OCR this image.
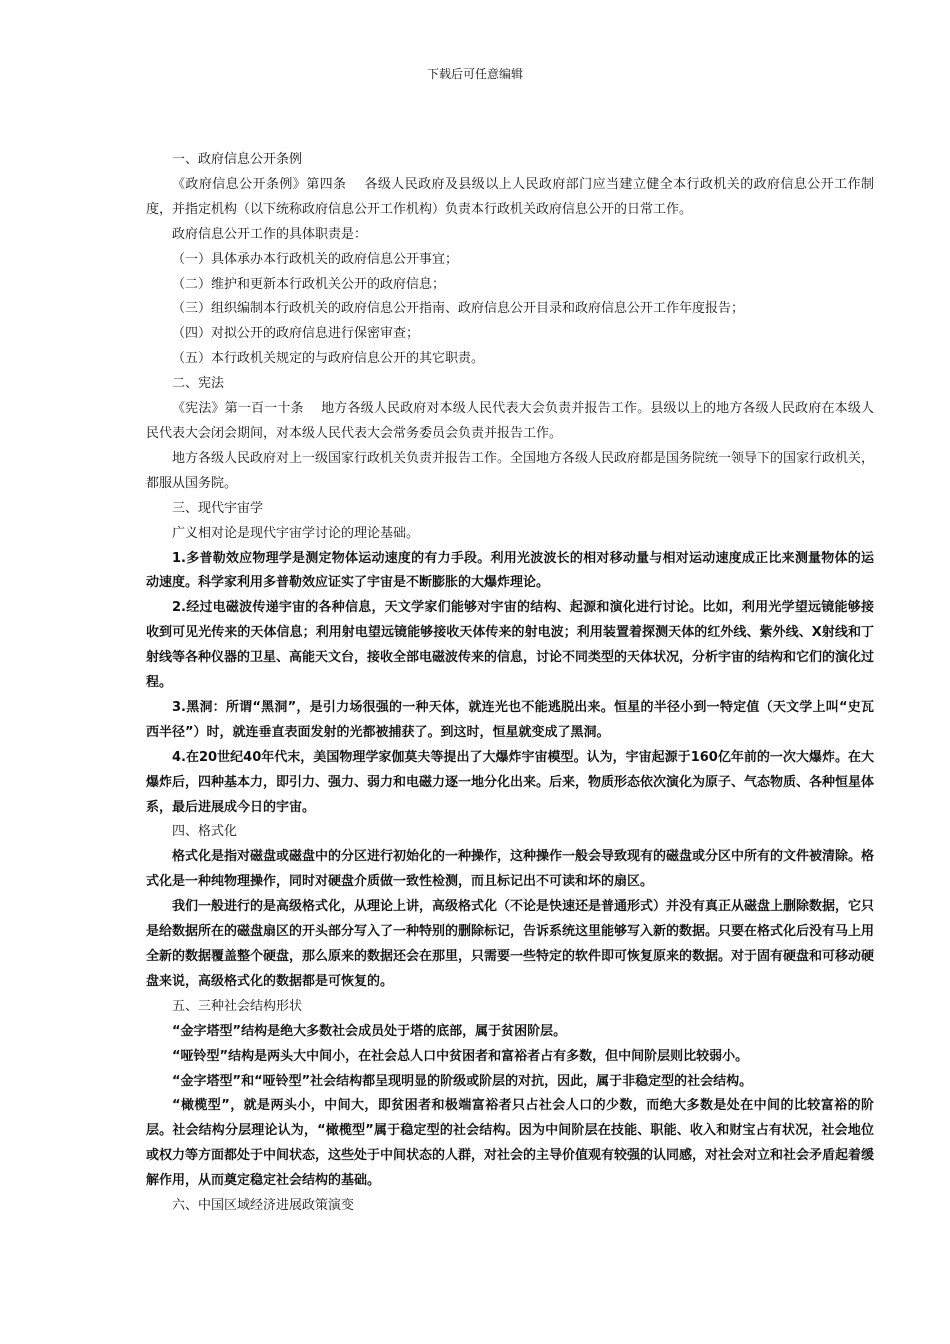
下载后可任意编辑

一、政府信息公开条例

《政府信息公开条例》第四条　 各级人民政府及县级以上人民政府部门应当建立健全本行政机关的政府信息公开工作制度，并指定机构（以下统称政府信息公开工作机构）负责本行政机关政府信息公开的日常工作。

政府信息公开工作的具体职责是：

（一）具体承办本行政机关的政府信息公开事宜；

（二）维护和更新本行政机关公开的政府信息；

（三）组织编制本行政机关的政府信息公开指南、政府信息公开目录和政府信息公开工作年度报告；

（四）对拟公开的政府信息进行保密审查；

（五）本行政机关规定的与政府信息公开的其它职责。

二、宪法

《宪法》第一百一十条　 地方各级人民政府对本级人民代表大会负责并报告工作。县级以上的地方各级人民政府在本级人民代表大会闭会期间，对本级人民代表大会常务委员会负责并报告工作。

地方各级人民政府对上一级国家行政机关负责并报告工作。全国地方各级人民政府都是国务院统一领导下的国家行政机关，都服从国务院。

三、现代宇宙学

广义相对论是现代宇宙学讨论的理论基础。

1.多普勒效应物理学是测定物体运动速度的有力手段。利用光波波长的相对移动量与相对运动速度成正比来测量物体的运动速度。科学家利用多普勒效应证实了宇宙是不断膨胀的大爆炸理论。

2.经过电磁波传递宇宙的各种信息，天文学家们能够对宇宙的结构、起源和演化进行讨论。比如，利用光学望远镜能够接收到可见光传来的天体信息；利用射电望远镜能够接收天体传来的射电波；利用装置着探测天体的红外线、紫外线、X射线和丁射线等各种仪器的卫星、高能天文台，接收全部电磁波传来的信息，讨论不同类型的天体状况，分析宇宙的结构和它们的演化过程。

3.黑洞：所谓“黑洞”，是引力场很强的一种天体，就连光也不能逃脱出来。恒星的半径小到一特定值（天文学上叫“史瓦西半径”）时，就连垂直表面发射的光都被捕获了。到这时，恒星就变成了黑洞。

4.在20世纪40年代末，美国物理学家伽莫夫等提出了大爆炸宇宙模型。认为，宇宙起源于160亿年前的一次大爆炸。在大爆炸后，四种基本力，即引力、强力、弱力和电磁力逐一地分化出来。后来，物质形态依次演化为原子、气态物质、各种恒星体系，最后进展成今日的宇宙。

四、格式化

格式化是指对磁盘或磁盘中的分区进行初始化的一种操作，这种操作一般会导致现有的磁盘或分区中所有的文件被清除。格式化是一种纯物理操作，同时对硬盘介质做一致性检测，而且标记出不可读和坏的扇区。

我们一般进行的是高级格式化，从理论上讲，高级格式化（不论是快速还是普通形式）并没有真正从磁盘上删除数据，它只是给数据所在的磁盘扇区的开头部分写入了一种特别的删除标记，告诉系统这里能够写入新的数据。只要在格式化后没有马上用全新的数据覆盖整个硬盘，那么原来的数据还会在那里，只需要一些特定的软件即可恢复原来的数据。对于固有硬盘和可移动硬盘来说，高级格式化的数据都是可恢复的。

五、三种社会结构形状

“金字塔型”结构是绝大多数社会成员处于塔的底部，属于贫困阶层。

“哑铃型”结构是两头大中间小，在社会总人口中贫困者和富裕者占有多数，但中间阶层则比较弱小。

“金字塔型”和“哑铃型”社会结构都呈现明显的阶级或阶层的对抗，因此，属于非稳定型的社会结构。

“橄榄型”，就是两头小，中间大，即贫困者和极端富裕者只占社会人口的少数，而绝大多数是处在中间的比较富裕的阶层。社会结构分层理论认为，“橄榄型”属于稳定型的社会结构。因为中间阶层在技能、职能、收入和财宝占有状况，社会地位或权力等方面都处于中间状态，这些处于中间状态的人群，对社会的主导价值观有较强的认同感，对社会对立和社会矛盾起着缓解作用，从而奠定稳定社会结构的基础。

六、中国区域经济进展政策演变
